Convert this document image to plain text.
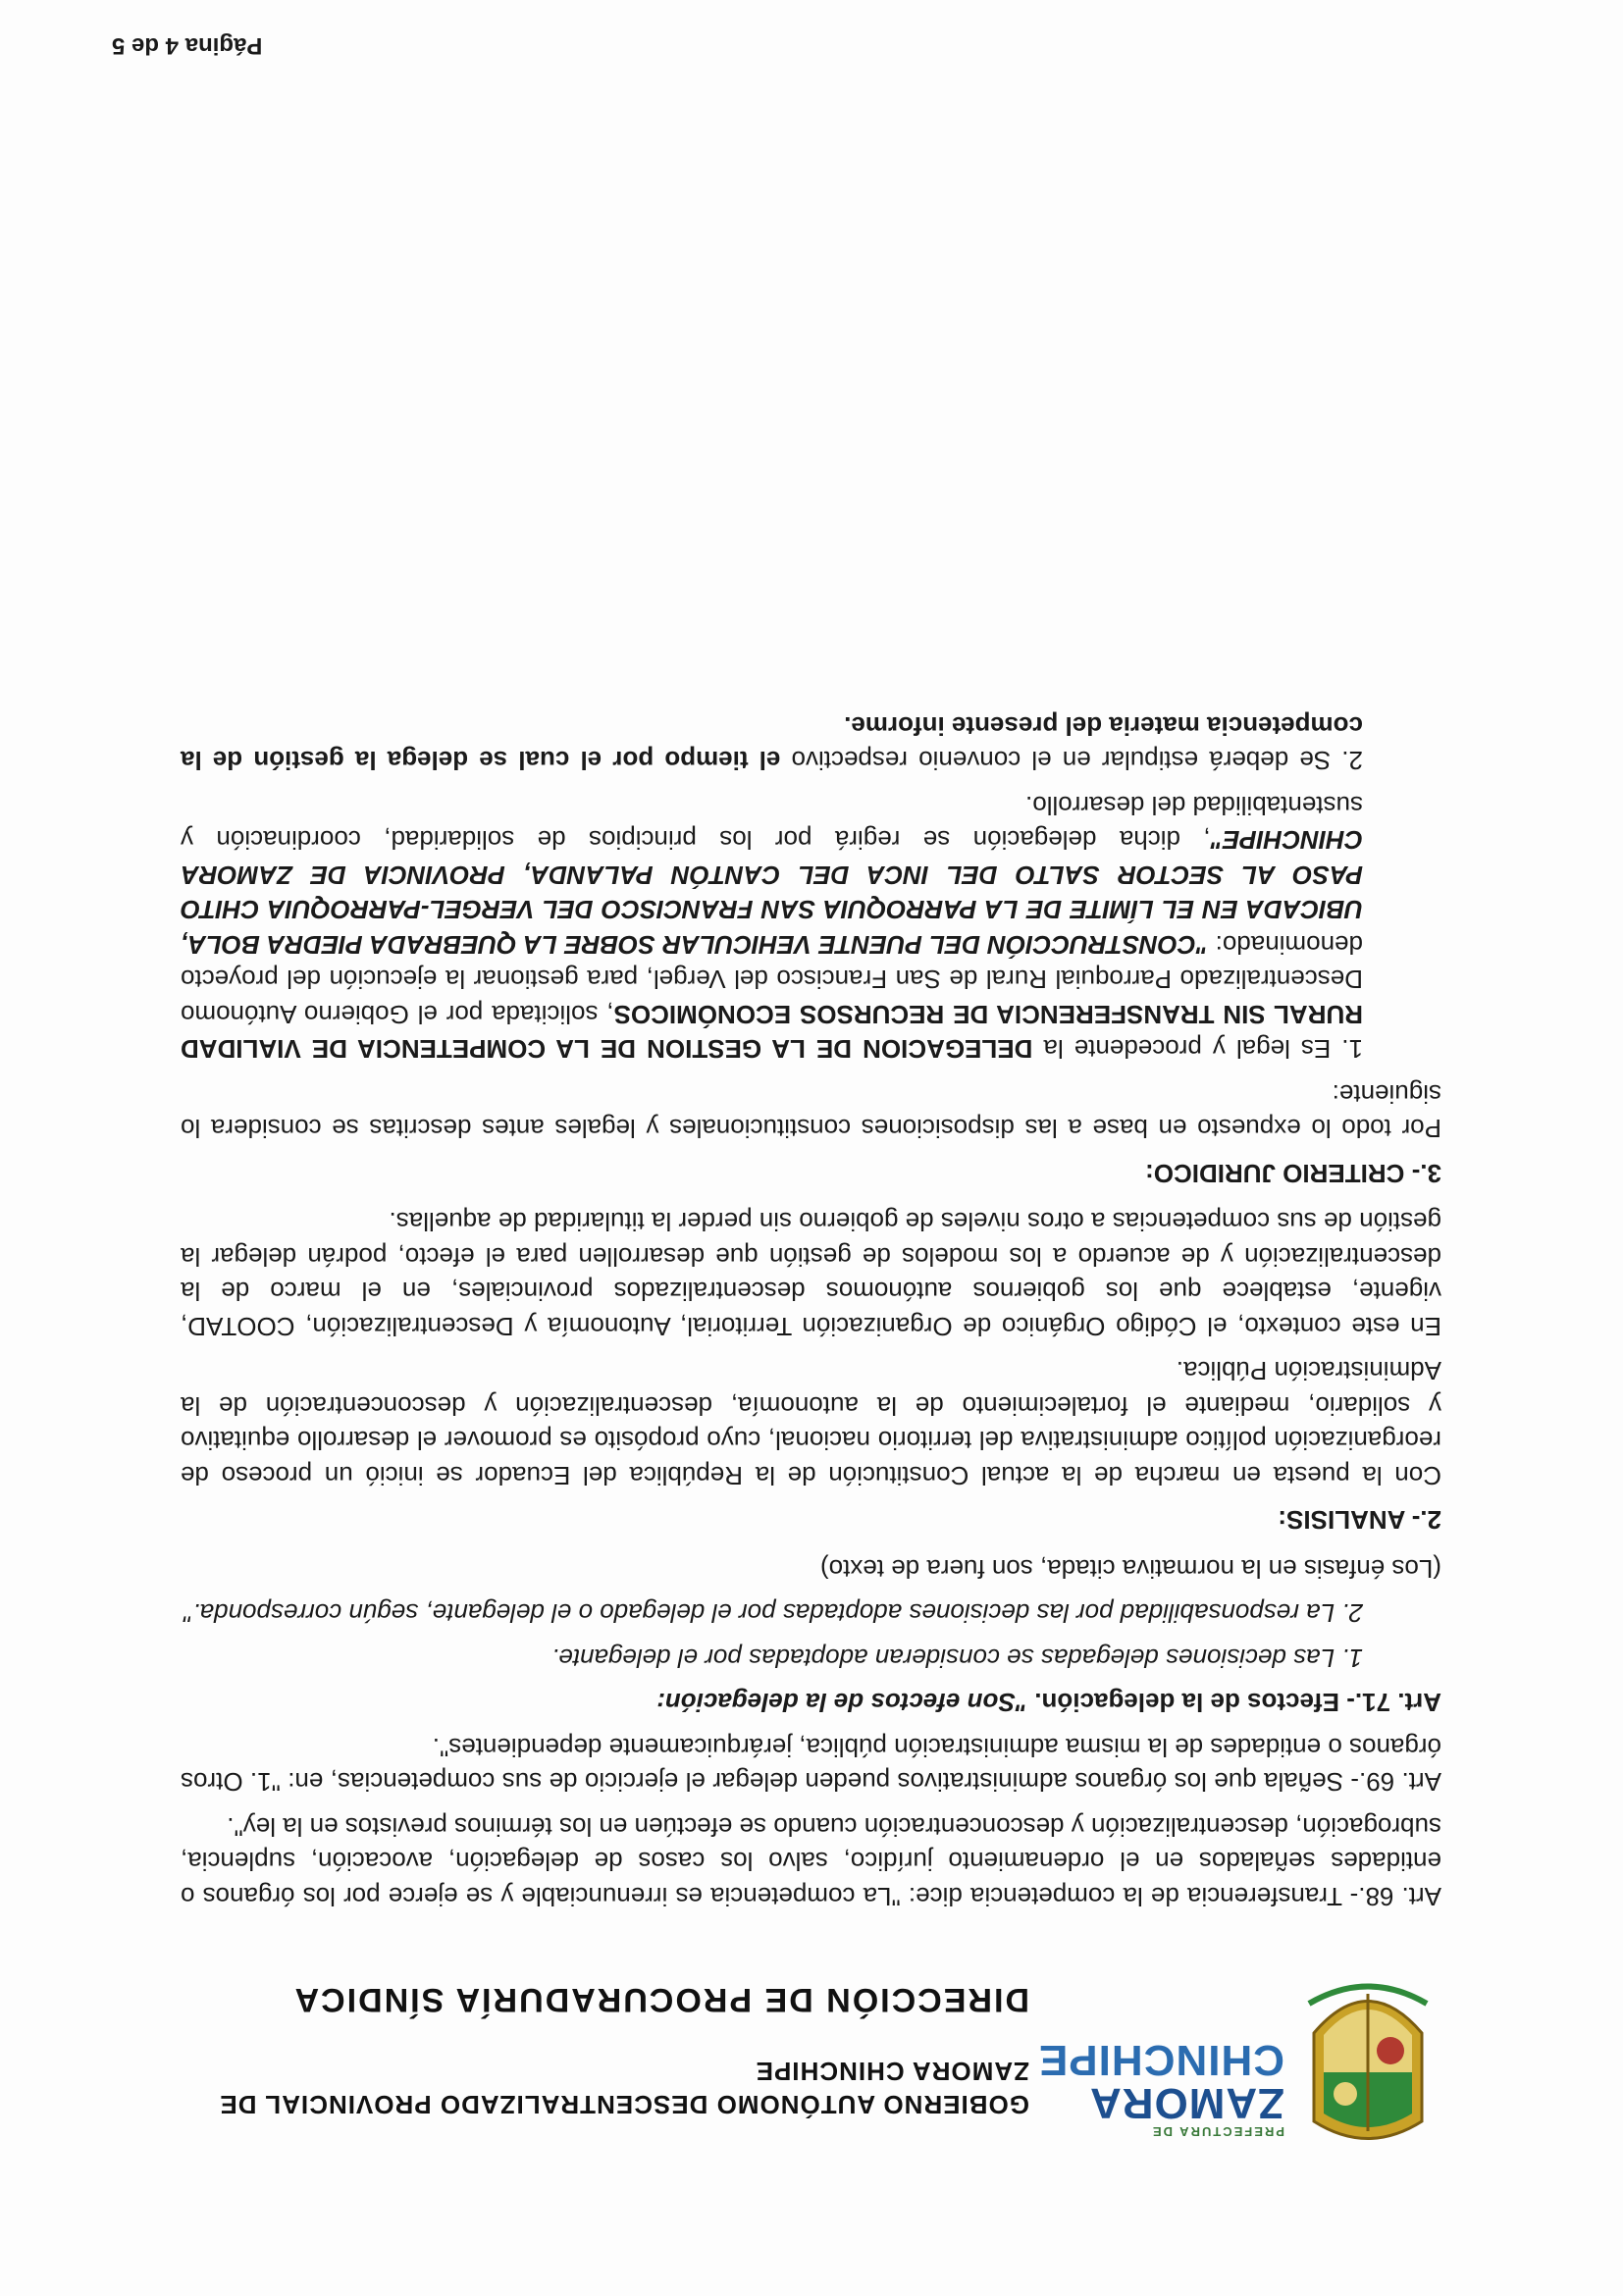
PREFECTURA DE
ZAMORA
CHINCHIPE
GOBIERNO AUTÓNOMO DESCENTRALIZADO PROVINCIAL DE ZAMORA CHINCHIPE
DIRECCIÓN DE PROCURADURÍA SÍNDICA

Art. 68.- Transferencia de la competencia dice: "La competencia es irrenunciable y se ejerce por los órganos o entidades señalados en el ordenamiento jurídico, salvo los casos de delegación, avocación, suplencia, subrogación, descentralización y desconcentración cuando se efectúen en los términos previstos en la ley".

Art. 69.- Señala que los órganos administrativos pueden delegar el ejercicio de sus competencias, en: "1. Otros órganos o entidades de la misma administración pública, jerárquicamente dependientes".

Art. 71.- Efectos de la delegación. "Son efectos de la delegación:

1. Las decisiones delegadas se consideran adoptadas por el delegante.

2. La responsabilidad por las decisiones adoptadas por el delegado o el delegante, según corresponda."

(Los énfasis en la normativa citada, son fuera de texto)

2.- ANALISIS:

Con la puesta en marcha de la actual Constitución de la República del Ecuador se inició un proceso de reorganización político administrativa del territorio nacional, cuyo propósito es promover el desarrollo equitativo y solidario, mediante el fortalecimiento de la autonomía, descentralización y desconcentración de la Administración Pública.

En este contexto, el Código Orgánico de Organización Territorial, Autonomía y Descentralización, COOTAD, vigente, establece que los gobiernos autónomos descentralizados provinciales, en el marco de la descentralización y de acuerdo a los modelos de gestión que desarrollen para el efecto, podrán delegar la gestión de sus competencias a otros niveles de gobierno sin perder la titularidad de aquellas.

3.- CRITERIO JURIDICO:

Por todo lo expuesto en base a las disposiciones constitucionales y legales antes descritas se considera lo siguiente:

1. Es legal y procedente la DELEGACION DE LA GESTION DE LA COMPETENCIA DE VIALIDAD RURAL SIN TRANSFERENCIA DE RECURSOS ECONÓMICOS, solicitada por el Gobierno Autónomo Descentralizado Parroquial Rural de San Francisco del Vergel, para gestionar la ejecución del proyecto denominado: "CONSTRUCCIÓN DEL PUENTE VEHICULAR SOBRE LA QUEBRADA PIEDRA BOLA, UBICADA EN EL LÍMITE DE LA PARROQUIA SAN FRANCISCO DEL VERGEL-PARROQUIA CHITO PASO AL SECTOR SALTO DEL INCA DEL CANTÓN PALANDA, PROVINCIA DE ZAMORA CHINCHIPE", dicha delegación se regirá por los principios de solidaridad, coordinación y sustentabilidad del desarrollo.

2. Se deberá estipular en el convenio respectivo el tiempo por el cual se delega la gestión de la competencia materia del presente informe.

Página 4 de 5
